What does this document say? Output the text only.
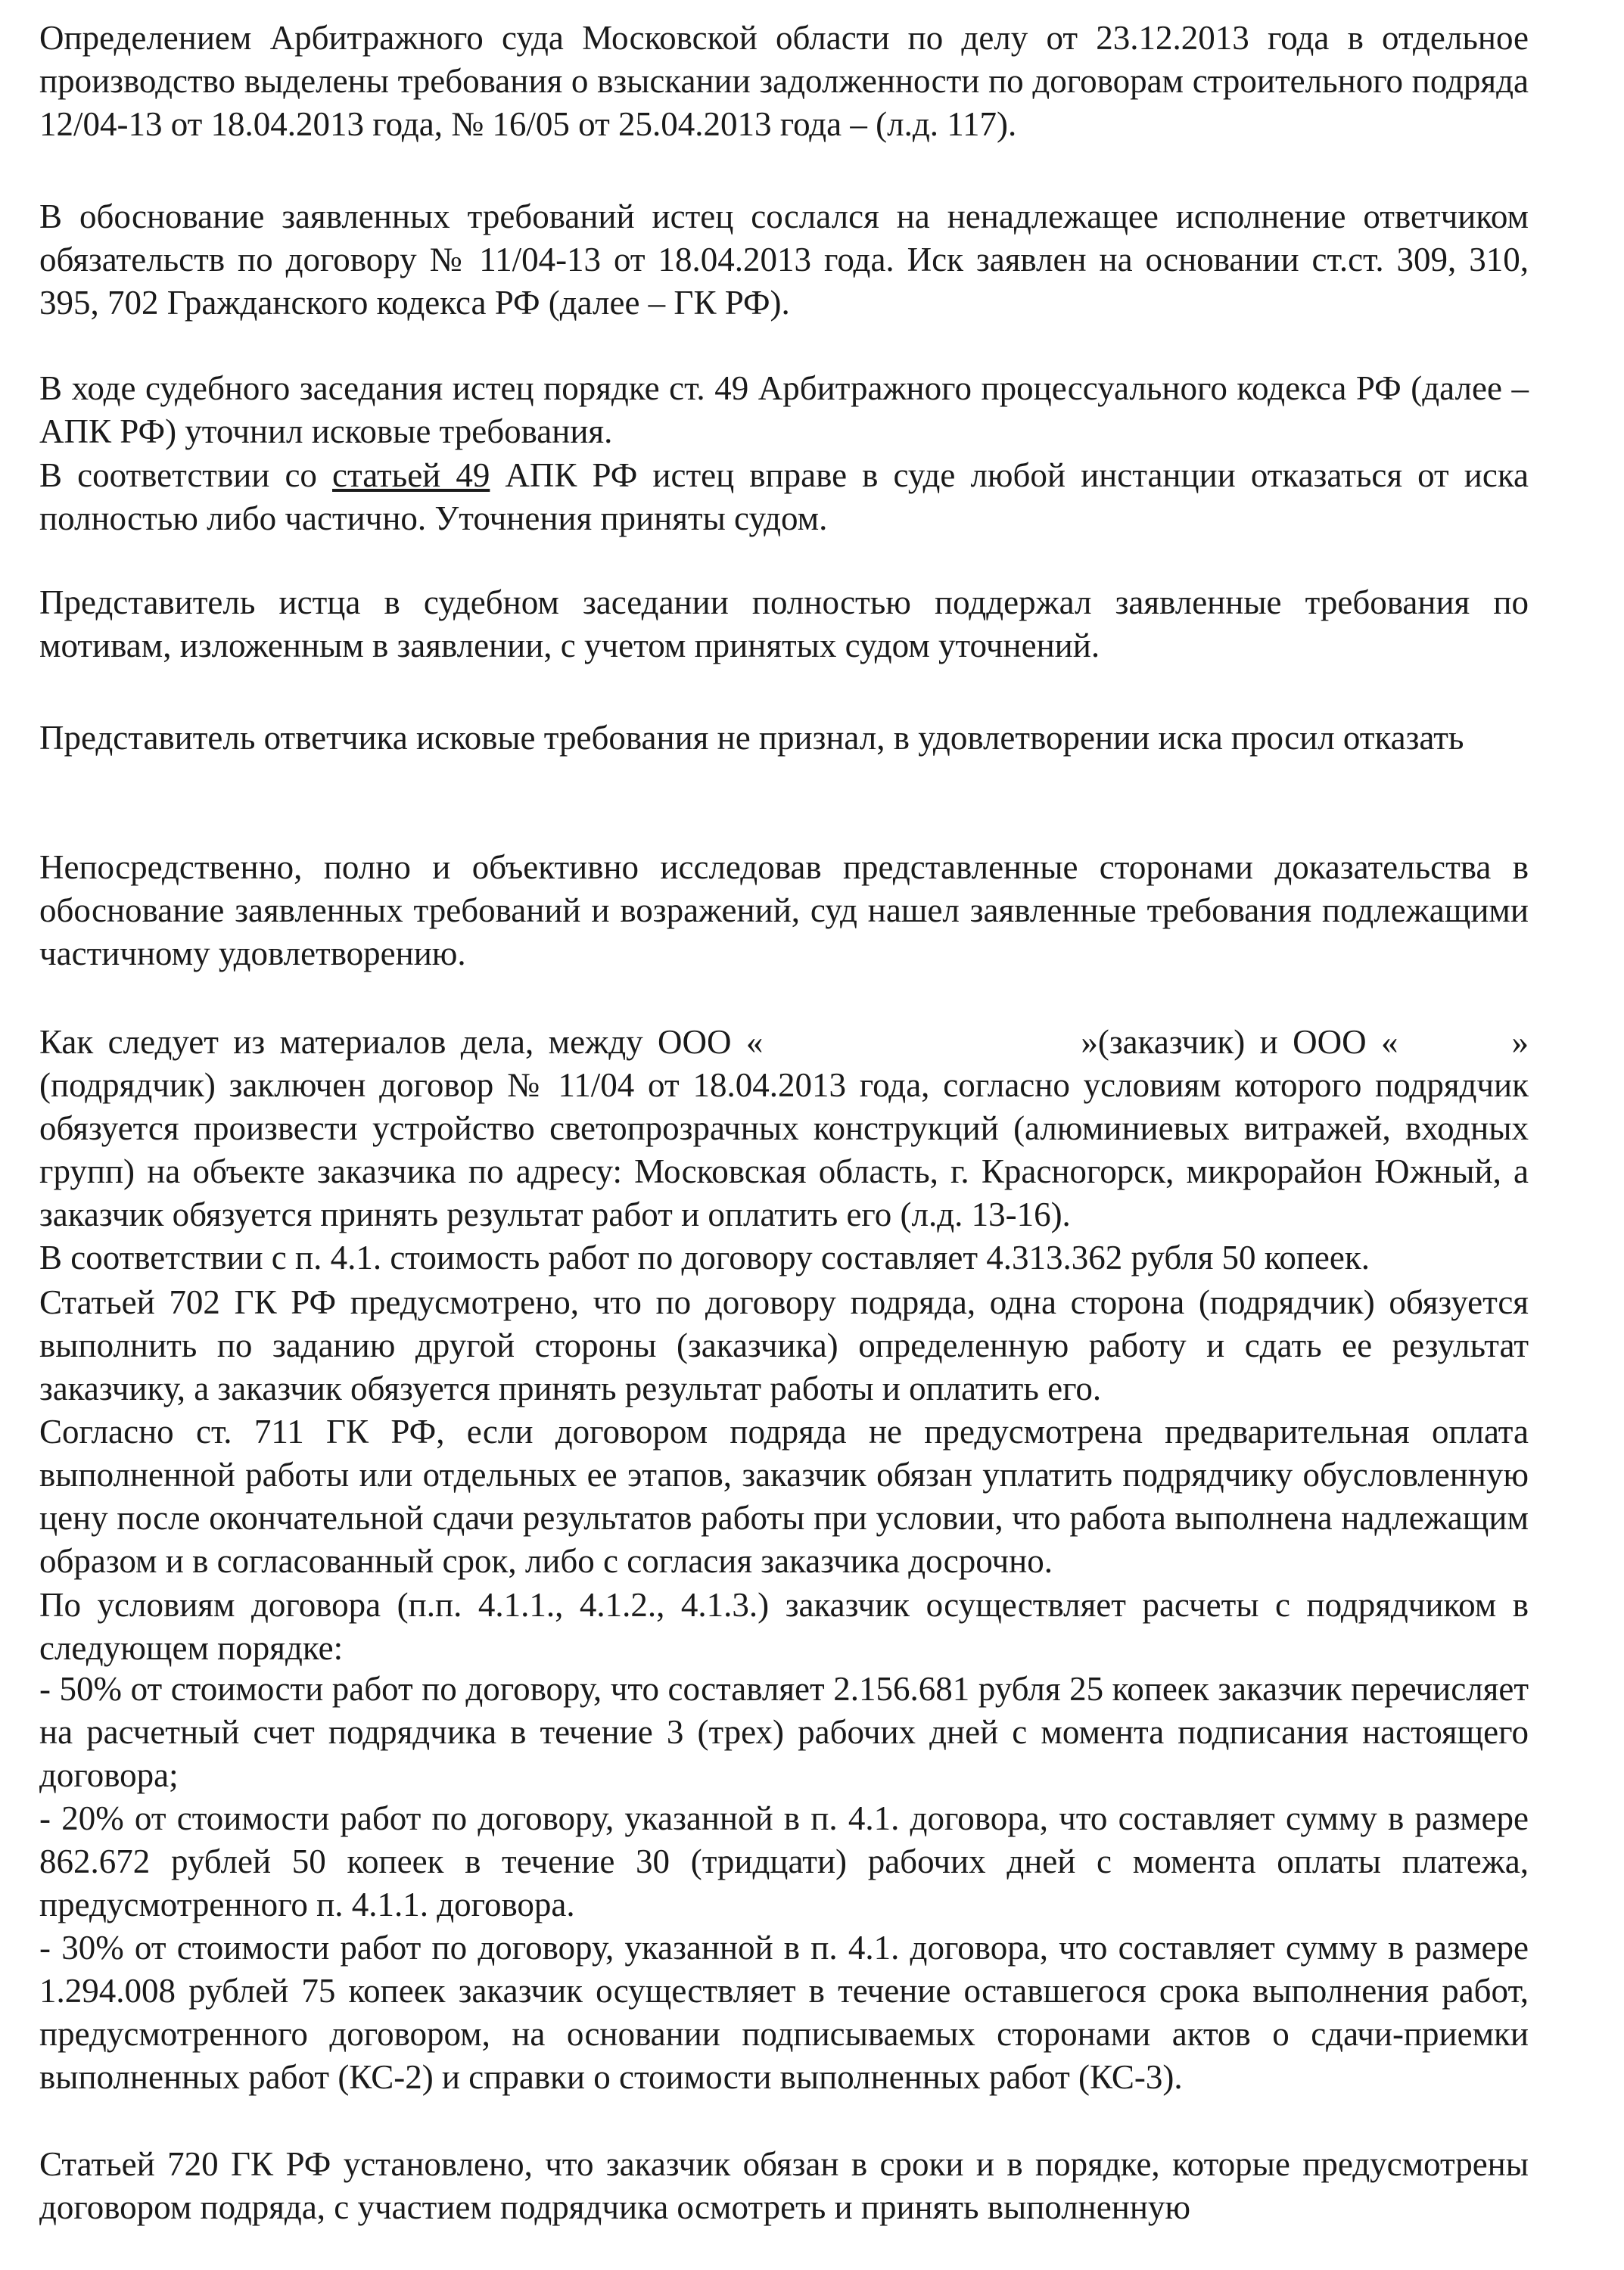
Определением Арбитражного суда Московской области по делу от 23.12.2013 года в отдельное производство выделены требования о взыскании задолженности по договорам строительного подряда 12/04-13 от 18.04.2013 года, № 16/05 от 25.04.2013 года – (л.д. 117).

В обоснование заявленных требований истец сослался на ненадлежащее исполнение ответчиком обязательств по договору № 11/04-13 от 18.04.2013 года. Иск заявлен на основании ст.ст. 309, 310, 395, 702 Гражданского кодекса РФ (далее – ГК РФ).

В ходе судебного заседания истец порядке ст. 49 Арбитражного процессуального кодекса РФ (далее – АПК РФ) уточнил исковые требования.

В соответствии со статьей 49 АПК РФ истец вправе в суде любой инстанции отказаться от иска полностью либо частично. Уточнения приняты судом.

Представитель истца в судебном заседании полностью поддержал заявленные требования по мотивам, изложенным в заявлении, с учетом принятых судом уточнений.

Представитель ответчика исковые требования не признал, в удовлетворении иска просил отказать

Непосредственно, полно и объективно исследовав представленные сторонами доказательства в обоснование заявленных требований и возражений, суд нашел заявленные требования подлежащими частичному удовлетворению.

Как следует из материалов дела, между ООО «	»(заказчик) и ООО «	» (подрядчик) заключен договор № 11/04 от 18.04.2013 года, согласно условиям которого подрядчик обязуется произвести устройство светопрозрачных конструкций (алюминиевых витражей, входных групп) на объекте заказчика по адресу: Московская область, г. Красногорск, микрорайон Южный, а заказчик обязуется принять результат работ и оплатить его (л.д. 13-16).

В соответствии с п. 4.1. стоимость работ по договору составляет 4.313.362 рубля 50 копеек.

Статьей 702 ГК РФ предусмотрено, что по договору подряда, одна сторона (подрядчик) обязуется выполнить по заданию другой стороны (заказчика) определенную работу и сдать ее результат заказчику, а заказчик обязуется принять результат работы и оплатить его.

Согласно ст. 711 ГК РФ, если договором подряда не предусмотрена предварительная оплата выполненной работы или отдельных ее этапов, заказчик обязан уплатить подрядчику обусловленную цену после окончательной сдачи результатов работы при условии, что работа выполнена надлежащим образом и в согласованный срок, либо с согласия заказчика досрочно.

По условиям договора (п.п. 4.1.1., 4.1.2., 4.1.3.) заказчик осуществляет расчеты с подрядчиком в следующем порядке:

- 50% от стоимости работ по договору, что составляет 2.156.681 рубля 25 копеек заказчик перечисляет на расчетный счет подрядчика в течение 3 (трех) рабочих дней с момента подписания настоящего договора;

- 20% от стоимости работ по договору, указанной в п. 4.1. договора, что составляет сумму в размере 862.672 рублей 50 копеек в течение 30 (тридцати) рабочих дней с момента оплаты платежа, предусмотренного п. 4.1.1. договора.

- 30% от стоимости работ по договору, указанной в п. 4.1. договора, что составляет сумму в размере 1.294.008 рублей 75 копеек заказчик осуществляет в течение оставшегося срока выполнения работ, предусмотренного договором, на основании подписываемых сторонами актов о сдачи-приемки выполненных работ (КС-2) и справки о стоимости выполненных работ (КС-3).

Статьей 720 ГК РФ установлено, что заказчик обязан в сроки и в порядке, которые предусмотрены договором подряда, с участием подрядчика осмотреть и принять выполненную
